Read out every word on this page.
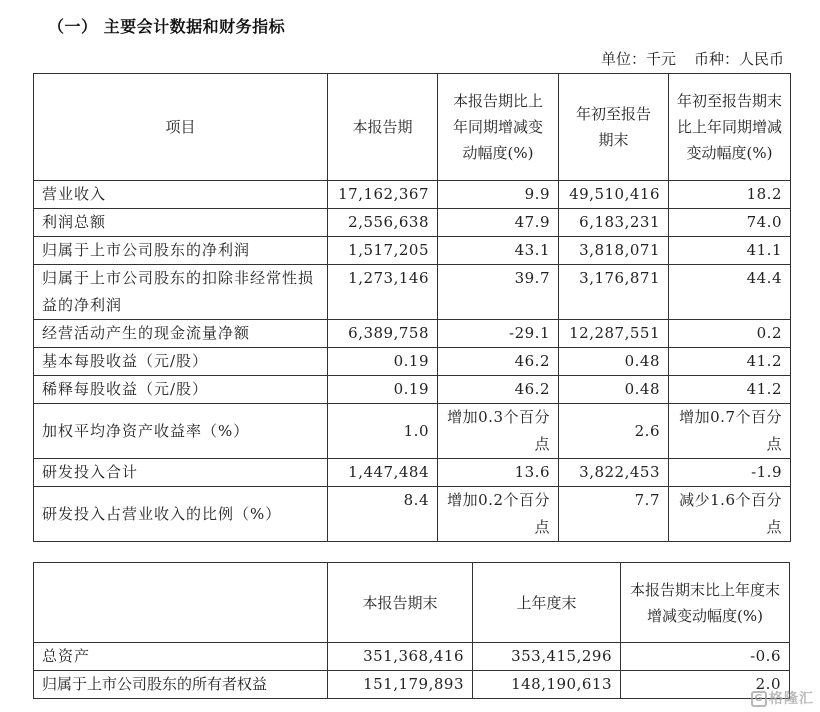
（一） 主要会计数据和财务指标
单位：千元 币种：人民币
项目	本报告期	本报告期比上年同期增减变动幅度(%)	年初至报告期末	年初至报告期末比上年同期增减变动幅度(%)
营业收入	17,162,367	9.9	49,510,416	18.2
利润总额	2,556,638	47.9	6,183,231	74.0
归属于上市公司股东的净利润	1,517,205	43.1	3,818,071	41.1
归属于上市公司股东的扣除非经常性损益的净利润	1,273,146	39.7	3,176,871	44.4
经营活动产生的现金流量净额	6,389,758	-29.1	12,287,551	0.2
基本每股收益（元/股）	0.19	46.2	0.48	41.2
稀释每股收益（元/股）	0.19	46.2	0.48	41.2
加权平均净资产收益率（%）	1.0	增加0.3个百分点	2.6	增加0.7个百分点
研发投入合计	1,447,484	13.6	3,822,453	-1.9
研发投入占营业收入的比例（%）	8.4	增加0.2个百分点	7.7	减少1.6个百分点
	本报告期末	上年度末	本报告期末比上年度末增减变动幅度(%)
总资产	351,368,416	353,415,296	-0.6
归属于上市公司股东的所有者权益	151,179,893	148,190,613	2.0
G 格隆汇
